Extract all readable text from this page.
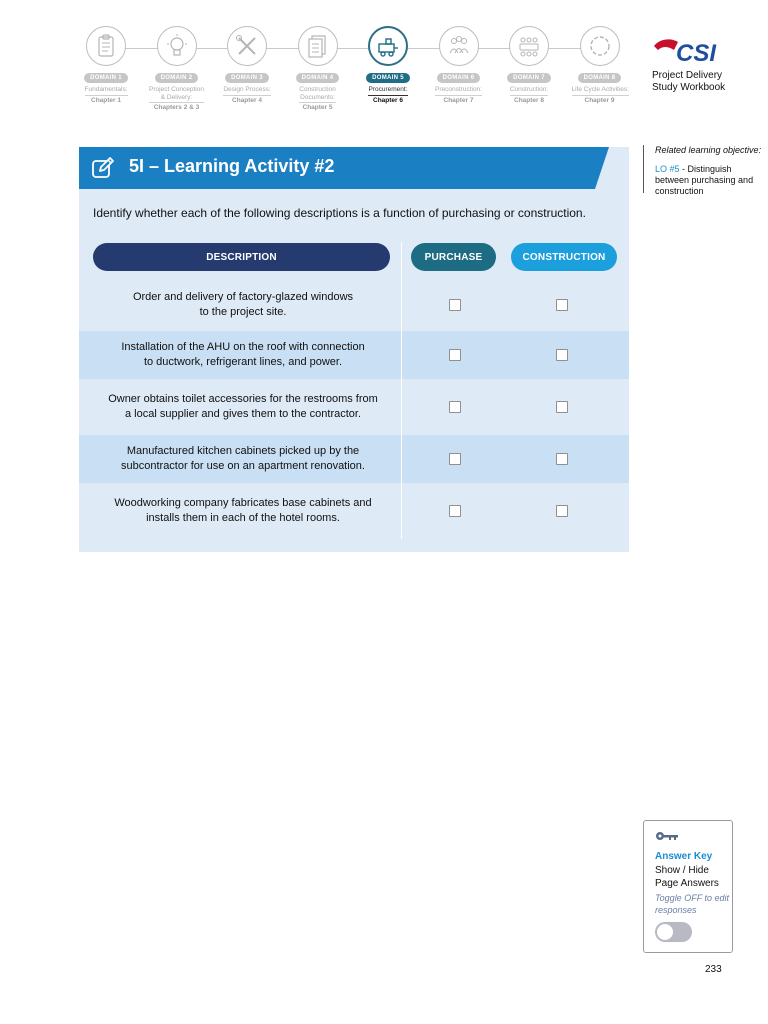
DOMAIN 1
Fundamentals:
Chapter 1
DOMAIN 2
Project Conception
& Delivery:
Chapters 2 & 3
DOMAIN 3
Design Process:
Chapter 4
DOMAIN 4
Construction
Documents:
Chapter 5
DOMAIN 5
Procurement:
Chapter 6
DOMAIN 6
Preconstruction:
Chapter 7
DOMAIN 7
Construction:
Chapter 8
DOMAIN 8
Life Cycle Activities:
Chapter 9
CSI
Project Delivery
Study Workbook
Related learning objective:
LO #5 - Distinguish between purchasing and construction
5I – Learning Activity #2
Identify whether each of the following descriptions is a function of purchasing or construction.
DESCRIPTION	PURCHASE	CONSTRUCTION
Order and delivery of factory-glazed windows
to the project site.
Installation of the AHU on the roof with connection
to ductwork, refrigerant lines, and power.
Owner obtains toilet accessories for the restrooms from
a local supplier and gives them to the contractor.
Manufactured kitchen cabinets picked up by the
subcontractor for use on an apartment renovation.
Woodworking company fabricates base cabinets and
installs them in each of the hotel rooms.
Answer Key
Show / Hide
Page Answers
Toggle OFF to edit responses
233
